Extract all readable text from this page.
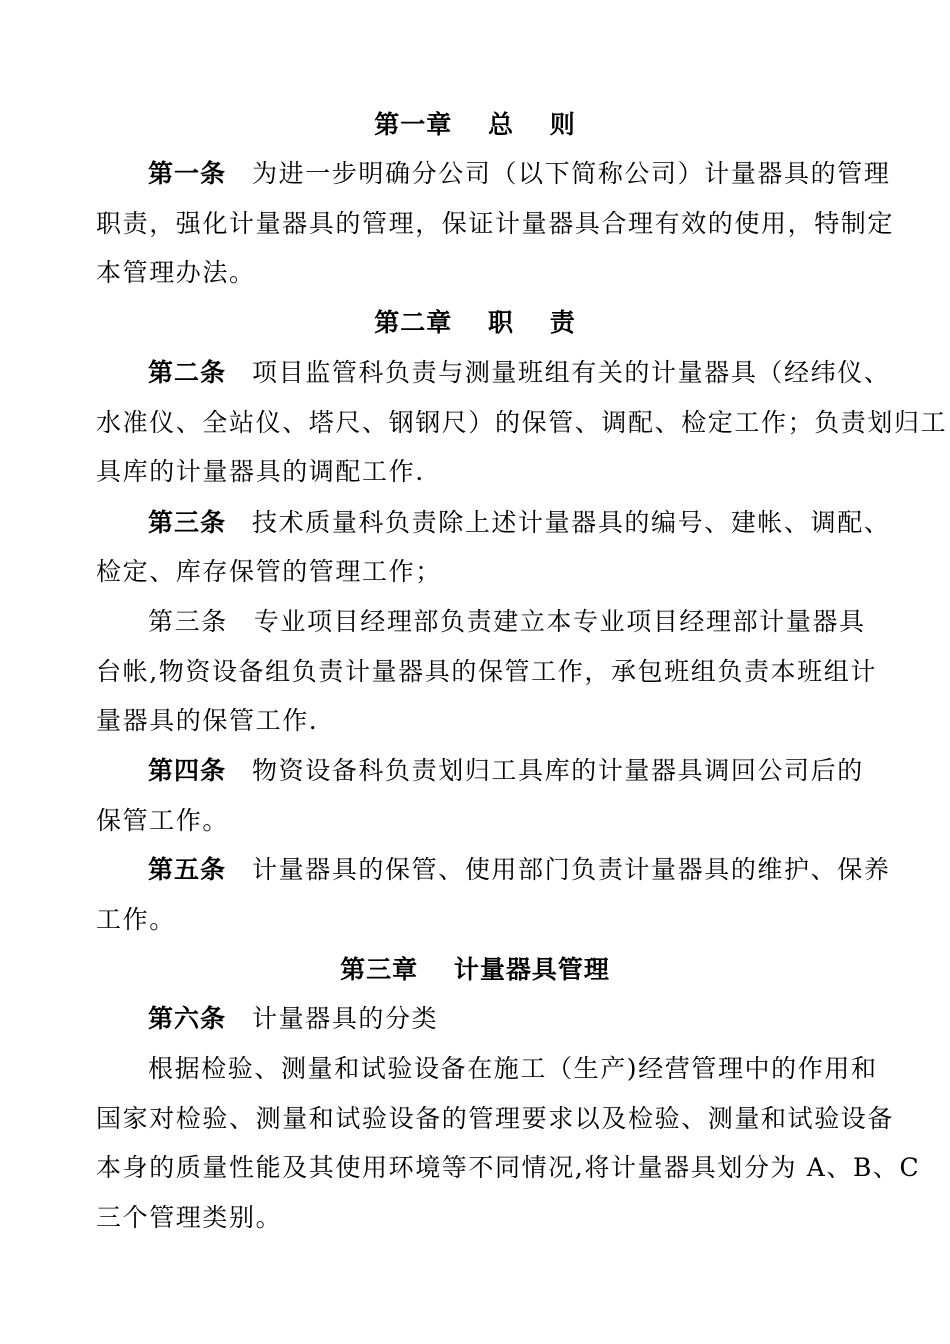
第一章　 总　 则
第一条 为进一步明确分公司（以下简称公司）计量器具的管理
职责，强化计量器具的管理，保证计量器具合理有效的使用，特制定
本管理办法。
第二章　 职　 责
第二条 项目监管科负责与测量班组有关的计量器具（经纬仪、
水准仪、全站仪、塔尺、钢钢尺）的保管、调配、检定工作；负责划归工
具库的计量器具的调配工作.
第三条 技术质量科负责除上述计量器具的编号、建帐、调配、
检定、库存保管的管理工作；
第三条 专业项目经理部负责建立本专业项目经理部计量器具
台帐,物资设备组负责计量器具的保管工作，承包班组负责本班组计
量器具的保管工作.
第四条 物资设备科负责划归工具库的计量器具调回公司后的
保管工作。
第五条 计量器具的保管、使用部门负责计量器具的维护、保养
工作。
第三章　 计量器具管理
第六条 计量器具的分类
根据检验、测量和试验设备在施工（生产)经营管理中的作用和
国家对检验、测量和试验设备的管理要求以及检验、测量和试验设备
本身的质量性能及其使用环境等不同情况,将计量器具划分为 A、B、C
三个管理类别。
